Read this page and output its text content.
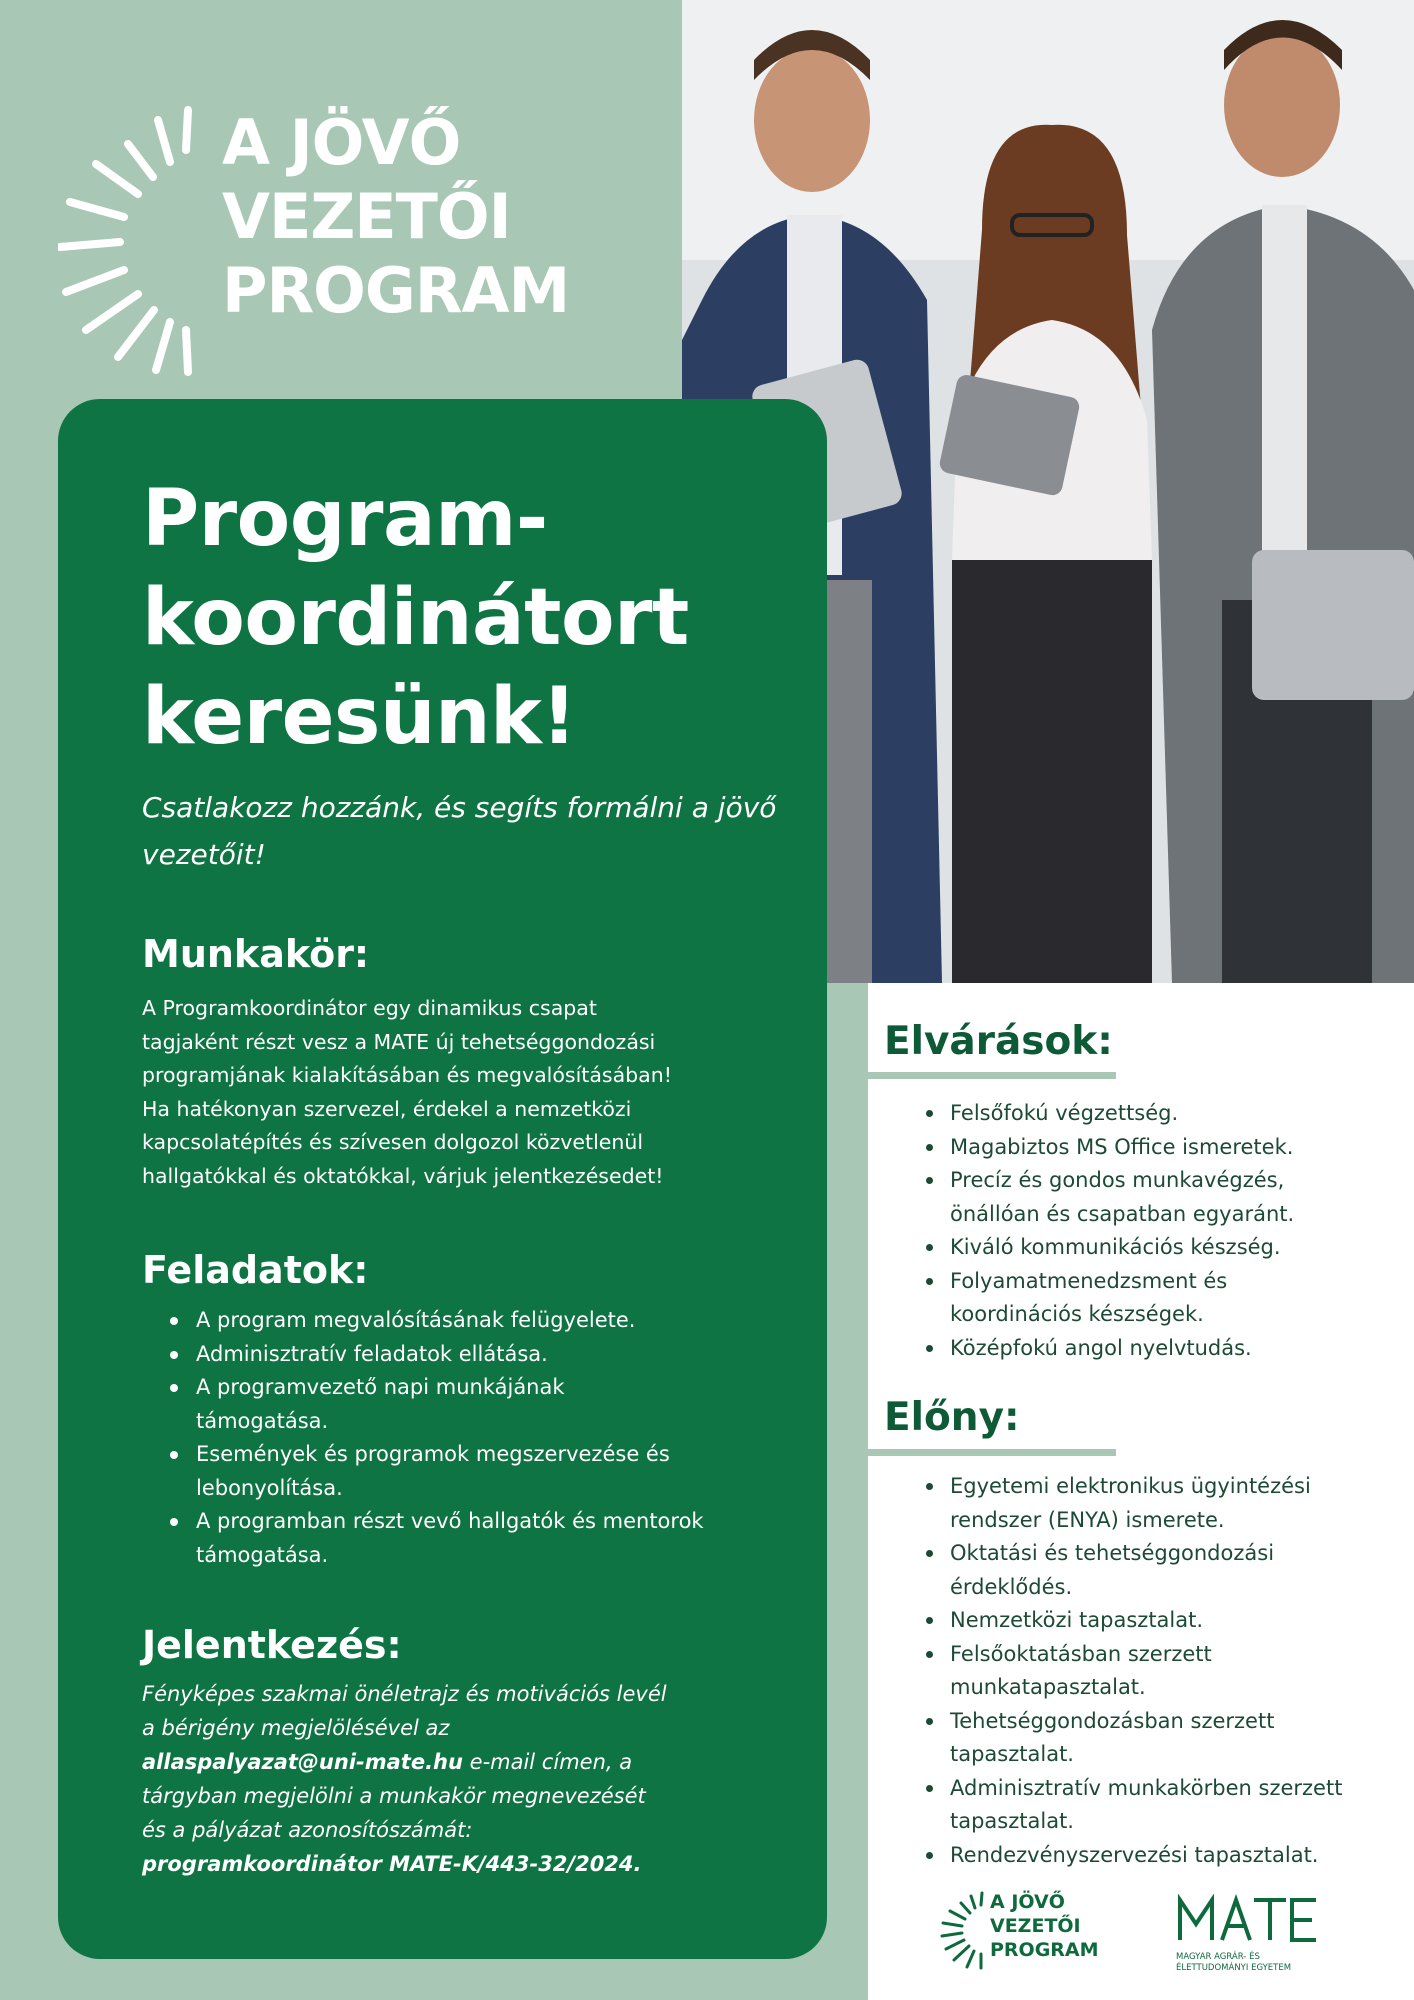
A JÖVŐ
VEZETŐI
PROGRAM
Program-
koordinátort
keresünk!
Csatlakozz hozzánk, és segíts formálni a jövő vezetőit!
Munkakör:
A Programkoordinátor egy dinamikus csapat
tagjaként részt vesz a MATE új tehetséggondozási
programjának kialakításában és megvalósításában!
Ha hatékonyan szervezel, érdekel a nemzetközi
kapcsolatépítés és szívesen dolgozol közvetlenül
hallgatókkal és oktatókkal, várjuk jelentkezésedet!
Feladatok:
A program megvalósításának felügyelete.
Adminisztratív feladatok ellátása.
A programvezető napi munkájának támogatása.
Események és programok megszervezése és lebonyolítása.
A programban részt vevő hallgatók és mentorok támogatása.
Jelentkezés:
Fényképes szakmai önéletrajz és motivációs levél
a bérigény megjelölésével az
allaspalyazat@uni-mate.hu e-mail címen, a
tárgyban megjelölni a munkakör megnevezését
és a pályázat azonosítószámát:
programkoordinátor MATE-K/443-32/2024.
Elvárások:
Felsőfokú végzettség.
Magabiztos MS Office ismeretek.
Precíz és gondos munkavégzés,
önállóan és csapatban egyaránt.
Kiváló kommunikációs készség.
Folyamatmenedzsment és
koordinációs készségek.
Középfokú angol nyelvtudás.
Előny:
Egyetemi elektronikus ügyintézési
rendszer (ENYA) ismerete.
Oktatási és tehetséggondozási
érdeklődés.
Nemzetközi tapasztalat.
Felsőoktatásban szerzett
munkatapasztalat.
Tehetséggondozásban szerzett
tapasztalat.
Adminisztratív munkakörben szerzett
tapasztalat.
Rendezvényszervezési tapasztalat.
A JÖVŐ
VEZETŐI
PROGRAM	MAGYAR AGRÁR- ÉS
ÉLETTUDOMÁNYI EGYETEM
